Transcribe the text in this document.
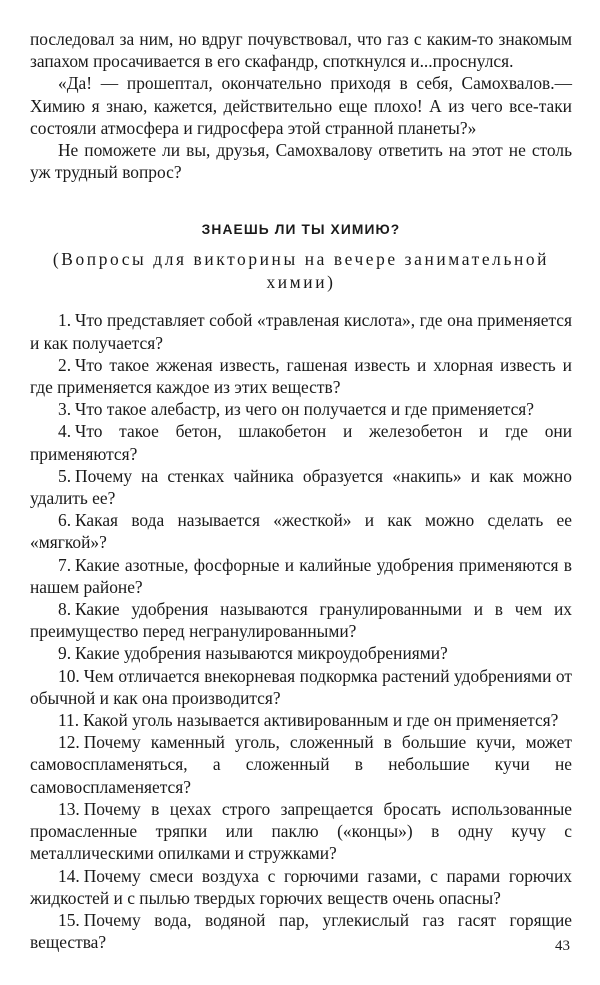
последовал за ним, но вдруг почувствовал, что газ с каким-то знакомым запахом просачивается в его скафандр, споткнулся и...проснулся.

«Да! — прошептал, окончательно приходя в себя, Самохвалов.— Химию я знаю, кажется, действительно еще плохо! А из чего все-таки состояли атмосфера и гидросфера этой странной планеты?»

Не поможете ли вы, друзья, Самохвалову ответить на этот не столь уж трудный вопрос?

ЗНАЕШЬ ЛИ ТЫ ХИМИЮ?
(Вопросы для викторины на вечере занимательной химии)

1. Что представляет собой «травленая кислота», где она применяется и как получается?

2. Что такое жженая известь, гашеная известь и хлорная известь и где применяется каждое из этих веществ?

3. Что такое алебастр, из чего он получается и где применяется?

4. Что такое бетон, шлакобетон и железобетон и где они применяются?

5. Почему на стенках чайника образуется «накипь» и как можно удалить ее?

6. Какая вода называется «жесткой» и как можно сделать ее «мягкой»?

7. Какие азотные, фосфорные и калийные удобрения применяются в нашем районе?

8. Какие удобрения называются гранулированными и в чем их преимущество перед негранулированными?

9. Какие удобрения называются микроудобрениями?

10. Чем отличается внекорневая подкормка растений удобрениями от обычной и как она производится?

11. Какой уголь называется активированным и где он применяется?

12. Почему каменный уголь, сложенный в большие кучи, может самовоспламеняться, а сложенный в небольшие кучи не самовоспламеняется?

13. Почему в цехах строго запрещается бросать использованные промасленные тряпки или паклю («концы») в одну кучу с металлическими опилками и стружками?

14. Почему смеси воздуха с горючими газами, с парами горючих жидкостей и с пылью твердых горючих веществ очень опасны?

15. Почему вода, водяной пар, углекислый газ гасят горящие вещества?	43
